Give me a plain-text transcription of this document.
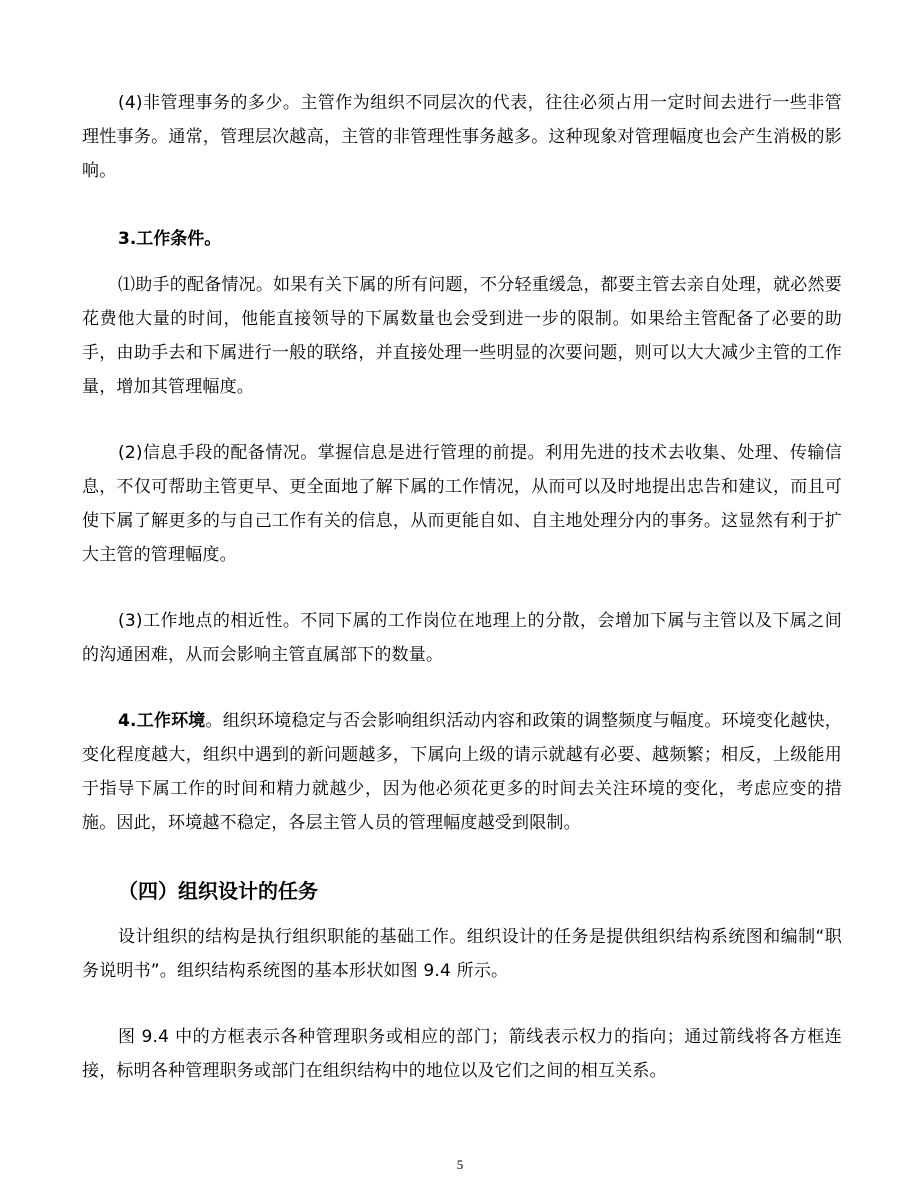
(4)非管理事务的多少。主管作为组织不同层次的代表，往往必须占用一定时间去进行一些非管理性事务。通常，管理层次越高，主管的非管理性事务越多。这种现象对管理幅度也会产生消极的影响。

3.工作条件。

⑴助手的配备情况。如果有关下属的所有问题，不分轻重缓急，都要主管去亲自处理，就必然要花费他大量的时间，他能直接领导的下属数量也会受到进一步的限制。如果给主管配备了必要的助手，由助手去和下属进行一般的联络，并直接处理一些明显的次要问题，则可以大大减少主管的工作量，增加其管理幅度。

(2)信息手段的配备情况。掌握信息是进行管理的前提。利用先进的技术去收集、处理、传输信息，不仅可帮助主管更早、更全面地了解下属的工作情况，从而可以及时地提出忠告和建议，而且可使下属了解更多的与自己工作有关的信息，从而更能自如、自主地处理分内的事务。这显然有利于扩大主管的管理幅度。

(3)工作地点的相近性。不同下属的工作岗位在地理上的分散，会增加下属与主管以及下属之间的沟通困难，从而会影响主管直属部下的数量。

4.工作环境。组织环境稳定与否会影响组织活动内容和政策的调整频度与幅度。环境变化越快，变化程度越大，组织中遇到的新问题越多，下属向上级的请示就越有必要、越频繁；相反，上级能用于指导下属工作的时间和精力就越少，因为他必须花更多的时间去关注环境的变化，考虑应变的措施。因此，环境越不稳定，各层主管人员的管理幅度越受到限制。

（四）组织设计的任务

设计组织的结构是执行组织职能的基础工作。组织设计的任务是提供组织结构系统图和编制“职务说明书”。组织结构系统图的基本形状如图 9.4 所示。

图 9.4 中的方框表示各种管理职务或相应的部门；箭线表示权力的指向；通过箭线将各方框连接，标明各种管理职务或部门在组织结构中的地位以及它们之间的相互关系。

5
